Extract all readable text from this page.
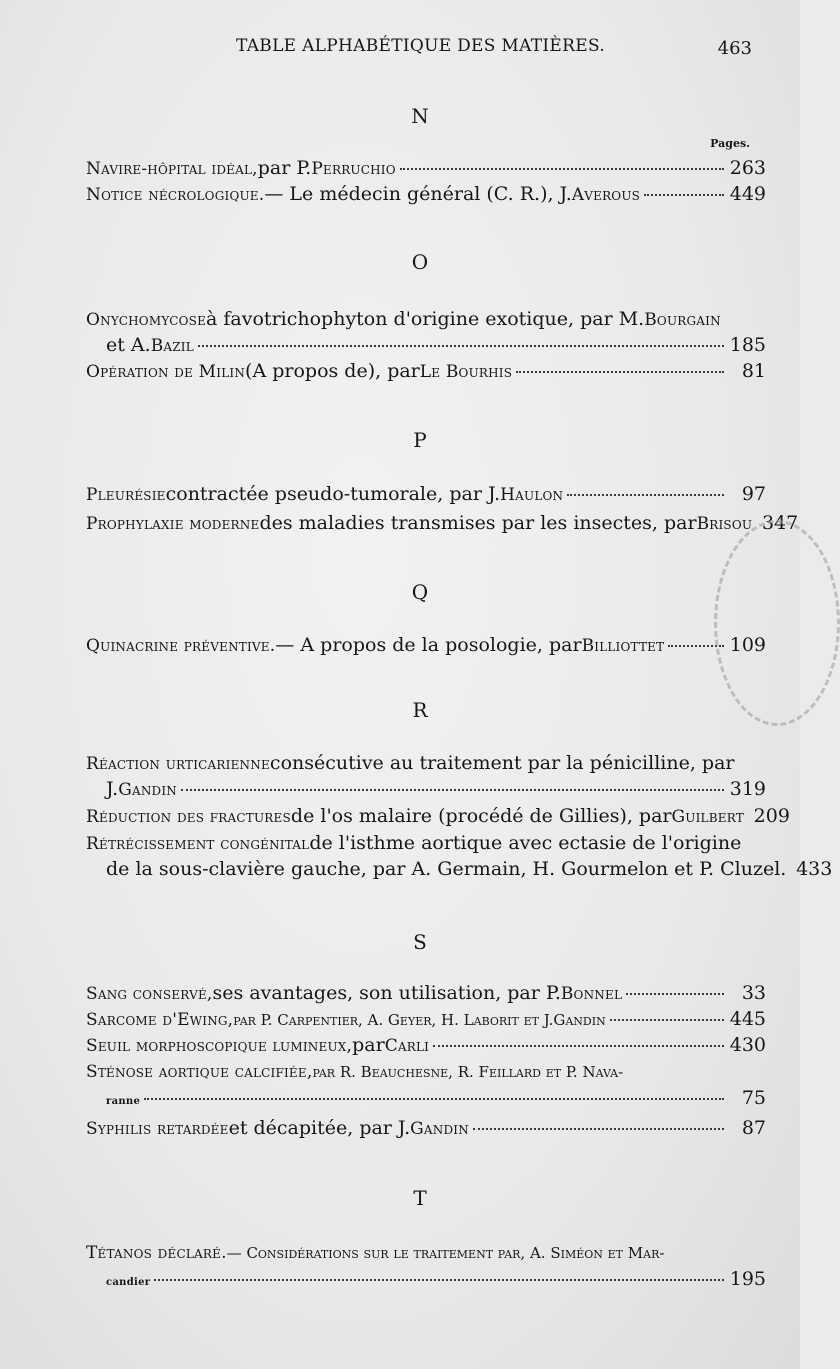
TABLE ALPHABÉTIQUE DES MATIÈRES.	463
N
Pages.
Navire-hôpital idéal, par P. Perruchio	263
Notice nécrologique. — Le médecin général (C. R.), J. Averous	449
O
Onychomycose à favotrichophyton d'origine exotique, par M. Bourgain
et A. Bazil	185
Opération de Milin (A propos de), par Le Bourhis	81
P
Pleurésie contractée pseudo-tumorale, par J. Haulon	97
Prophylaxie moderne des maladies transmises par les insectes, par Brisou 347
Q
Quinacrine préventive. — A propos de la posologie, par Billiottet	109
R
Réaction urticarienne consécutive au traitement par la pénicilline, par
J. Gandin	319
Réduction des fractures de l'os malaire (procédé de Gillies), par Guilbert 209
Rétrécissement congénital de l'isthme aortique avec ectasie de l'origine
de la sous-clavière gauche, par A. Germain, H. Gourmelon et P. Cluzel. 433
S
Sang conservé, ses avantages, son utilisation, par P. Bonnel	33
Sarcome d'Ewing, par P. Carpentier, A. Geyer, H. Laborit et J. Gandin	445
Seuil morphoscopique lumineux, par Carli	430
Sténose aortique calcifiée, par R. Beauchesne, R. Feillard et P. Nava-
ranne	75
Syphilis retardée et décapitée, par J. Gandin	87
T
Tétanos déclaré. — Considérations sur le traitement par, A. Siméon et Mar-
candier	195
